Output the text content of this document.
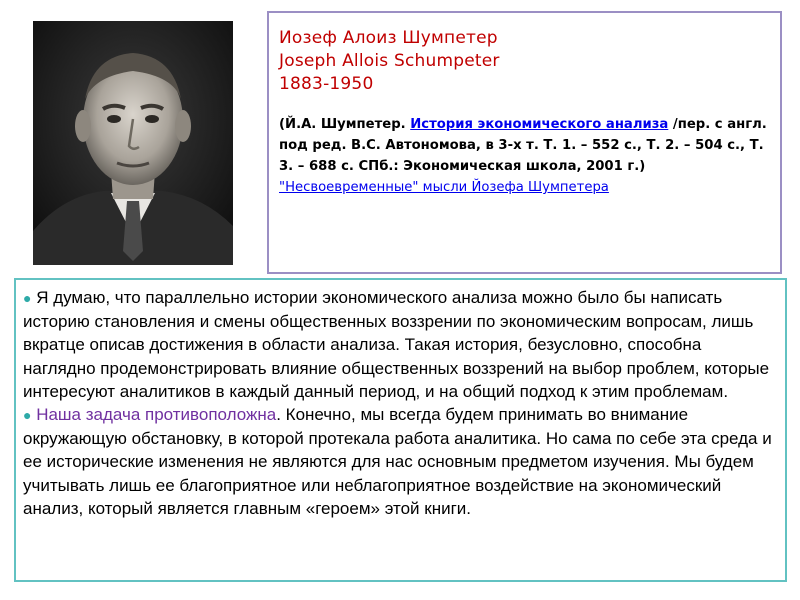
Иозеф Алоиз Шумпетер
Joseph Allois Schumpeter
1883-1950
(Й.А. Шумпетер. История экономического анализа /пер. с англ. под ред. В.С. Автономова, в 3-х т. Т. 1. – 552 с., Т. 2. – 504 с., Т. 3. – 688 с. СПб.: Экономическая школа, 2001 г.)
"Несвоевременные" мысли Йозефа Шумпетера

● Я думаю, что параллельно истории экономического анализа можно было бы написать историю становления и смены общественных воззрении по экономическим вопросам, лишь вкратце описав достижения в области анализа. Такая история, безусловно, способна наглядно продемонстрировать влияние общественных воззрений на выбор проблем, которые интересуют аналитиков в каждый данный период, и на общий подход к этим проблемам.

● Наша задача противоположна. Конечно, мы всегда будем принимать во внимание окружающую обстановку, в которой протекала работа аналитика. Но сама по себе эта среда и ее исторические изменения не являются для нас основным предметом изучения. Мы будем учитывать лишь ее благоприятное или неблагоприятное воздействие на экономический анализ, который является главным «героем» этой книги.
